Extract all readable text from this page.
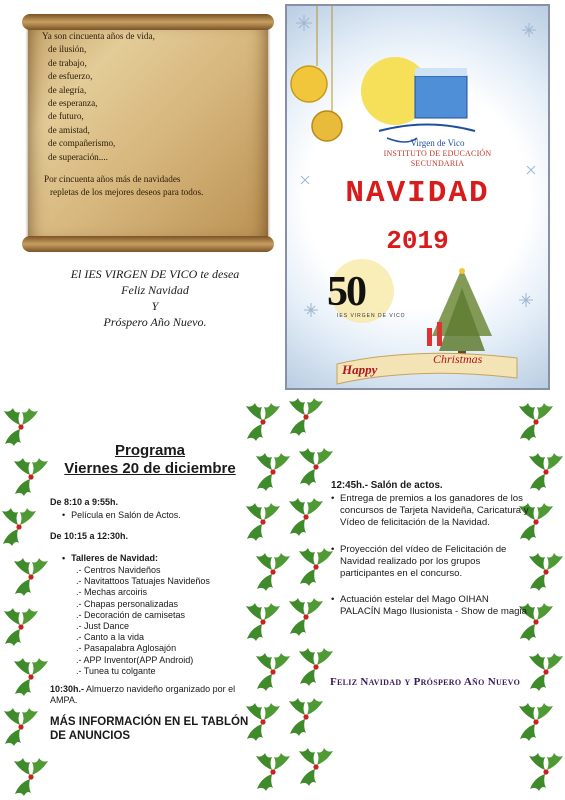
Ya son cincuenta años de vida,
de ilusión,
de trabajo,
de esfuerzo,
de alegría,
de esperanza,
de futuro,
de amistad,
de compañerismo,
de superación....
Por cincuenta años más de navidades
repletas de los mejores deseos para todos.
El IES VIRGEN DE VICO te desea
Feliz Navidad
Y
Próspero Año Nuevo.
Virgen de Vico
INSTITUTO DE EDUCACIÓN
SECUNDARIA
NAVIDAD
2019
50
IES VIRGEN DE VICO
Happy
Christmas
Programa
Viernes 20 de diciembre
De 8:10 a 9:55h.
• Película en Salón de Actos.
De 10:15 a 12:30h.
• Talleres de Navidad:
.- Centros Navideños
.- Navitattoos Tatuajes Navideños
.- Mechas arcoiris
.- Chapas personalizadas
.- Decoración de camisetas
.- Just Dance
.- Canto a la vida
.- Pasapalabra Aglosajón
.- APP Inventor(APP Android)
.- Tunea tu colgante
10:30h.- Almuerzo navideño organizado por el AMPA.
MÁS INFORMACIÓN EN EL TABLÓN DE ANUNCIOS
12:45h.- Salón de actos.
• Entrega de premios a los ganadores de los concursos de Tarjeta Navideña, Caricatura y Vídeo de felicitación de la Navidad.
• Proyección del vídeo de Felicitación de Navidad realizado por los grupos participantes en el concurso.
• Actuación estelar del Mago OIHAN PALACÍN Mago Ilusionista - Show de magia
Feliz Navidad y Próspero Año Nuevo
